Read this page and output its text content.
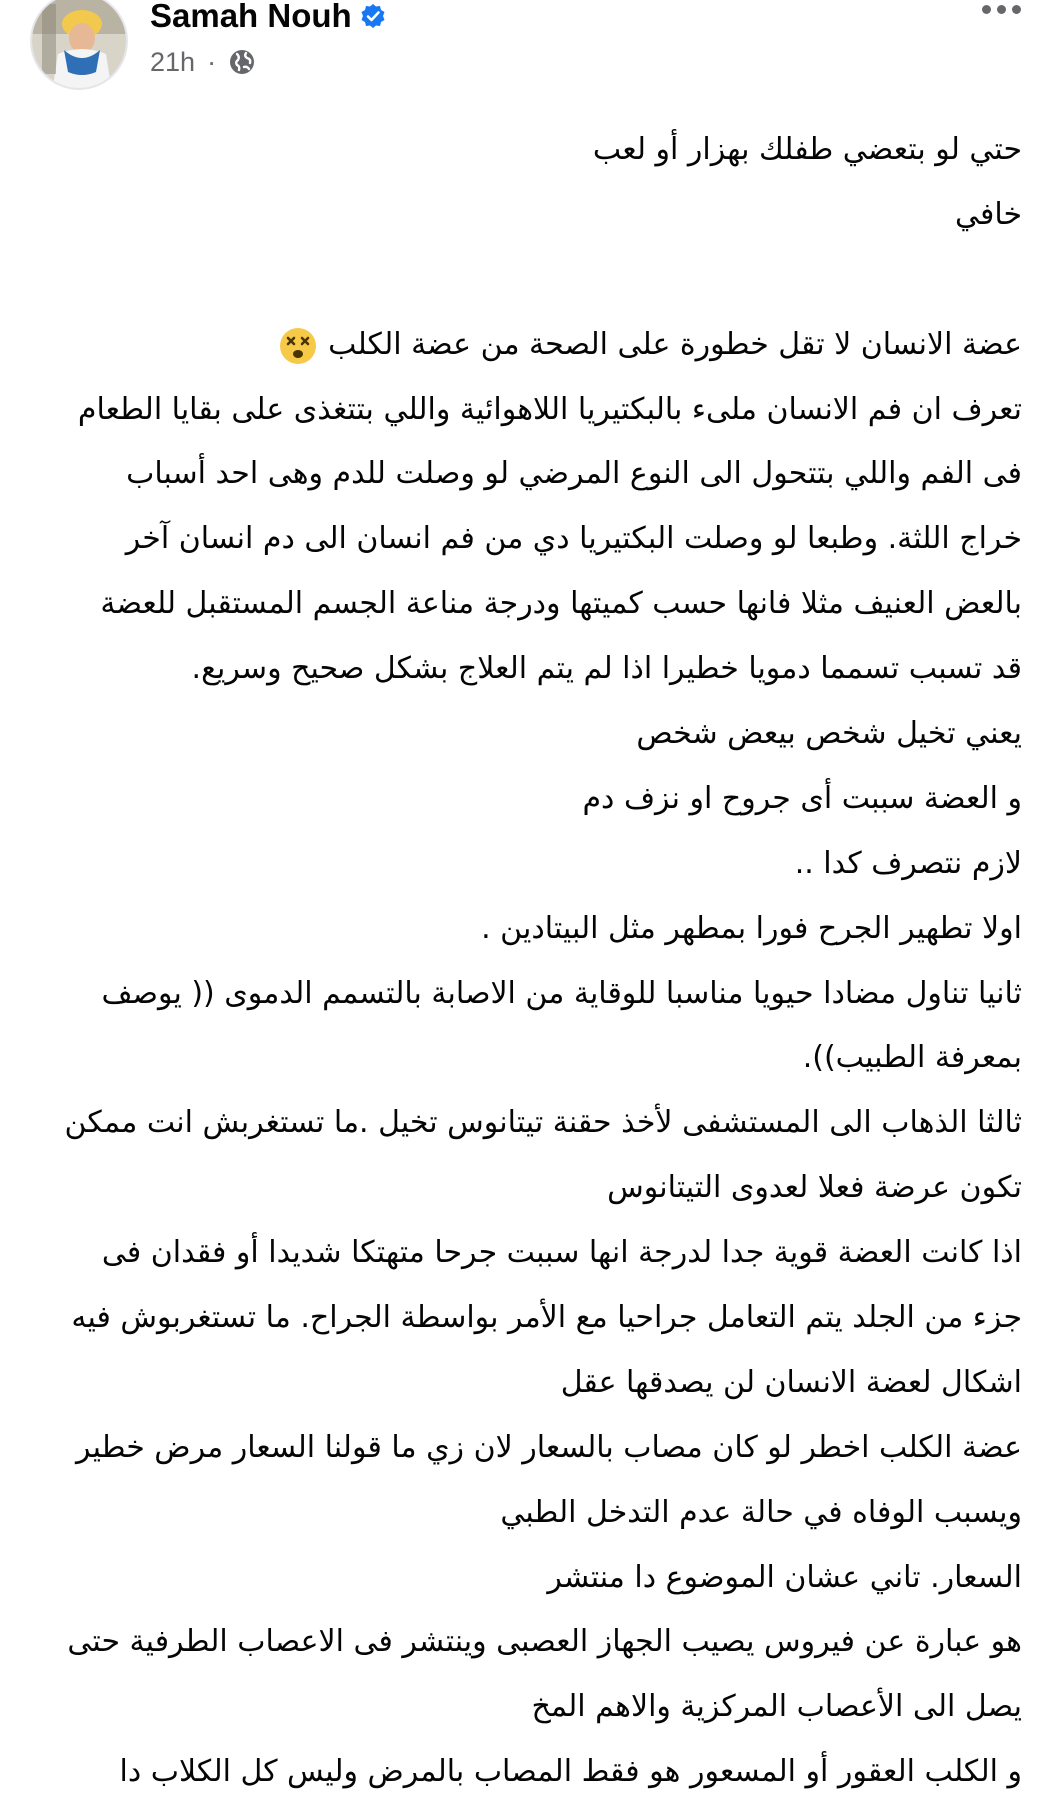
Samah Nouh
21h ·
حتي لو بتعضي طفلك بهزار أو لعب
خافي
عضة الانسان لا تقل خطورة على الصحة من عضة الكلب
تعرف ان فم الانسان ملىء بالبكتيريا اللاهوائية واللي بتتغذى على بقايا الطعام
فى الفم واللي بتتحول الى النوع المرضي لو وصلت للدم وهى احد أسباب
خراج اللثة. وطبعا لو وصلت البكتيريا دي من فم انسان الى دم انسان آخر
بالعض العنيف مثلا فانها حسب كميتها ودرجة مناعة الجسم المستقبل للعضة
قد تسبب تسمما دمويا خطيرا اذا لم يتم العلاج بشكل صحيح وسريع.
يعني تخيل شخص بيعض شخص
و العضة سببت أى جروح او نزف دم
لازم نتصرف كدا ..
اولا تطهير الجرح فورا بمطهر مثل البيتادين .
ثانيا تناول مضادا حيويا مناسبا للوقاية من الاصابة بالتسمم الدموى (( يوصف
بمعرفة الطبيب)).
ثالثا الذهاب الى المستشفى لأخذ حقنة تيتانوس تخيل .ما تستغربش انت ممكن
تكون عرضة فعلا لعدوى التيتانوس
اذا كانت العضة قوية جدا لدرجة انها سببت جرحا متهتكا شديدا أو فقدان فى
جزء من الجلد يتم التعامل جراحيا مع الأمر بواسطة الجراح. ما تستغربوش فيه
اشكال لعضة الانسان لن يصدقها عقل
عضة الكلب اخطر لو كان مصاب بالسعار لان زي ما قولنا السعار مرض خطير
ويسبب الوفاه في حالة عدم التدخل الطبي
السعار. تاني عشان الموضوع دا منتشر
هو عبارة عن فيروس يصيب الجهاز العصبى وينتشر فى الاعصاب الطرفية حتى
يصل الى الأعصاب المركزية والاهم المخ
و الكلب العقور أو المسعور هو فقط المصاب بالمرض وليس كل الكلاب دا
